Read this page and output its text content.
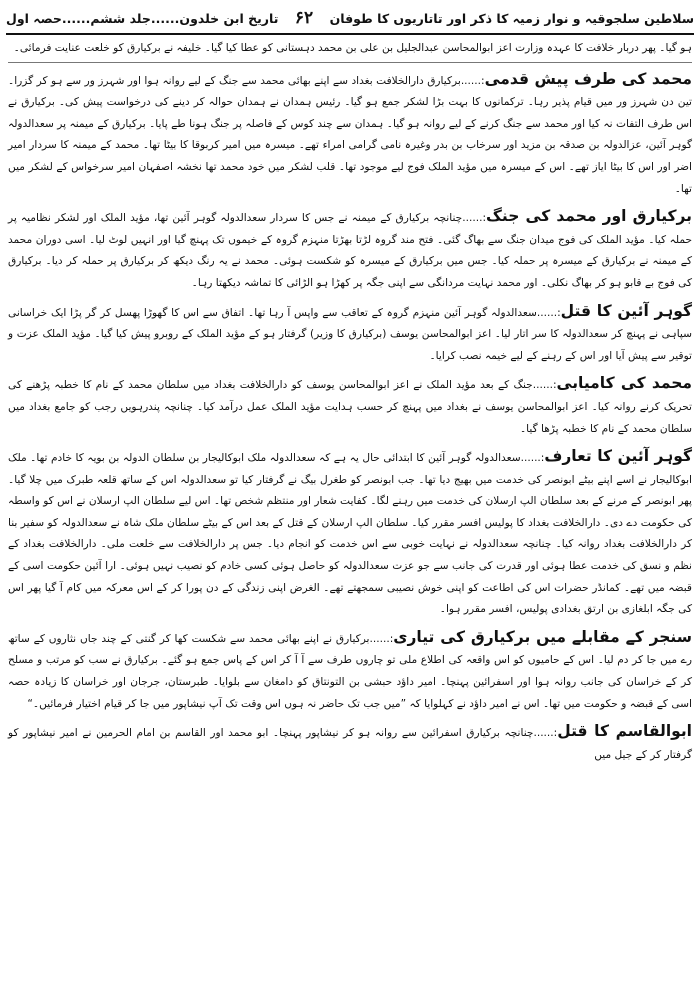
تاریخ ابن خلدون......جلد ششم......حصہ اول	۶۲ سلاطین سلجوقیہ و نوار زمیہ کا ذکر اور تاتاریوں کا طوفان

ہو گیا۔ پھر دربار خلافت کا عہدہ وزارت اعز ابوالمحاسن عبدالجلیل بن علی بن محمد دہستانی کو عطا کیا گیا۔ خلیفہ نے برکیارق کو خلعت عنایت فرمائی۔

محمد کی طرف پیش قدمی:......برکیارق دارالخلافت بغداد سے اپنے بھائی محمد سے جنگ کے لیے روانہ ہوا اور شہرز ور سے ہو کر گزرا۔ تین دن شہرز ور میں قیام پذیر رہا۔ ترکمانوں کا بہت بڑا لشکر جمع ہو گیا۔ رئیس ہمدان نے ہمدان حوالہ کر دینے کی درخواست پیش کی۔ برکیارق نے اس طرف التفات نہ کیا اور محمد سے جنگ کرنے کے لیے روانہ ہو گیا۔ ہمدان سے چند کوس کے فاصلہ پر جنگ ہونا طے پایا۔ برکیارق کے میمنہ پر سعدالدولہ گوہر آئین، عزالدولہ بن صدقہ بن مزید اور سرخاب بن بدر وغیرہ نامی گرامی امراء تھے۔ میسرہ میں امیر کربوقا کا بیٹا تھا۔ محمد کے میمنہ کا سردار امیر اضر اور اس کا بیٹا ایاز تھے۔ اس کے میسرہ میں مؤید الملک فوج لیے موجود تھا۔ قلب لشکر میں خود محمد تھا نخشہ اصفہان امیر سرخواس کے لشکر میں تھا۔

برکیارق اور محمد کی جنگ:......چنانچہ برکیارق کے میمنہ نے جس کا سردار سعدالدولہ گوہر آئین تھا، مؤید الملک اور لشکر نظامیہ پر حملہ کیا۔ مؤید الملک کی فوج میدان جنگ سے بھاگ گئی۔ فتح مند گروہ لڑتا بھڑتا منہزم گروہ کے خیموں تک پہنچ گیا اور انہیں لوٹ لیا۔ اسی دوران محمد کے میمنہ نے برکیارق کے میسرہ پر حملہ کیا۔ جس میں برکیارق کے میسرہ کو شکست ہوئی۔ محمد نے یہ رنگ دیکھ کر برکیارق پر حملہ کر دیا۔ برکیارق کی فوج بے قابو ہو کر بھاگ نکلی۔ اور محمد نہایت مردانگی سے اپنی جگہ پر کھڑا ہو الڑائی کا تماشہ دیکھتا رہا۔

گوہر آئین کا قتل:......سعدالدولہ گوہر آئین منہزم گروہ کے تعاقب سے واپس آ رہا تھا۔ اتفاق سے اس کا گھوڑا پھسل کر گر پڑا ایک خراسانی سپاہی نے پہنچ کر سعدالدولہ کا سر اتار لیا۔ اعز ابوالمحاسن یوسف (برکیارق کا وزیر) گرفتار ہو کے مؤید الملک کے روبرو پیش کیا گیا۔ مؤید الملک عزت و توقیر سے پیش آیا اور اس کے رہنے کے لیے خیمہ نصب کرایا۔

محمد کی کامیابی:......جنگ کے بعد مؤید الملک نے اعز ابوالمحاسن یوسف کو دارالخلافت بغداد میں سلطان محمد کے نام کا خطبہ پڑھنے کی تحریک کرنے روانہ کیا۔ اعز ابوالمحاسن یوسف نے بغداد میں پہنچ کر حسب ہدایت مؤید الملک عمل درآمد کیا۔ چنانچہ پندرہویں رجب کو جامع بغداد میں سلطان محمد کے نام کا خطبہ پڑھا گیا۔

گوہر آئین کا تعارف:......سعدالدولہ گوہر آئین کا ابتدائی حال یہ ہے کہ سعدالدولہ ملک ابوکالیجار بن سلطان الدولہ بن بویہ کا خادم تھا۔ ملک ابوکالیجار نے اسے اپنے بیٹے ابونصر کی خدمت میں بھیج دیا تھا۔ جب ابونصر کو طغرل بیگ نے گرفتار کیا تو سعدالدولہ اس کے ساتھ قلعہ طبرک میں چلا گیا۔ پھر ابونصر کے مرنے کے بعد سلطان الپ ارسلان کی خدمت میں رہنے لگا۔ کفایت شعار اور منتظم شخص تھا۔ اس لیے سلطان الپ ارسلان نے اس کو واسطہ کی حکومت دے دی۔ دارالخلافت بغداد کا پولیس افسر مقرر کیا۔ سلطان الپ ارسلان کے قتل کے بعد اس کے بیٹے سلطان ملک شاہ نے سعدالدولہ کو سفیر بنا کر دارالخلافت بغداد روانہ کیا۔ چنانچہ سعدالدولہ نے نہایت خوبی سے اس خدمت کو انجام دیا۔ جس پر دارالخلافت سے خلعت ملی۔ دارالخلافت بغداد کے نظم و نسق کی خدمت عطا ہوئی اور قدرت کی جانب سے جو عزت سعدالدولہ کو حاصل ہوئی کسی خادم کو نصیب نہیں ہوئی۔ ارا آئین حکومت اسی کے قبضہ میں تھے۔ کمانڈر حضرات اس کی اطاعت کو اپنی خوش نصیبی سمجھتے تھے۔ الغرض اپنی زندگی کے دن پورا کر کے اس معرکہ میں کام آ گیا پھر اس کی جگہ ابلغازی بن ارتق بغدادی پولیس، افسر مقرر ہوا۔

سنجر کے مقابلے میں برکیارق کی تیاری:......برکیارق نے اپنے بھائی محمد سے شکست کھا کر گنتی کے چند جاں نثاروں کے ساتھ رے میں جا کر دم لیا۔ اس کے حامیوں کو اس واقعہ کی اطلاع ملی تو چاروں طرف سے آ آ کر اس کے پاس جمع ہو گئے۔ برکیارق نے سب کو مرتب و مسلح کر کے خراسان کی جانب روانہ ہوا اور اسفرائین پہنچا۔ امیر داؤد حبشی بن التونتاق کو دامغان سے بلوایا۔ طبرستان، جرجان اور خراسان کا زیادہ حصہ اسی کے قبضہ و حکومت میں تھا۔ اس نے امیر داؤد نے کہلوایا کہ ”میں جب تک حاضر نہ ہوں اس وقت تک آپ نیشاپور میں جا کر قیام اختیار فرمائیں۔“

ابوالقاسم کا قتل:......چنانچہ برکیارق اسفرائین سے روانہ ہو کر نیشاپور پہنچا۔ ابو محمد اور القاسم بن امام الحرمین نے امیر نیشاپور کو گرفتار کر کے جیل میں
